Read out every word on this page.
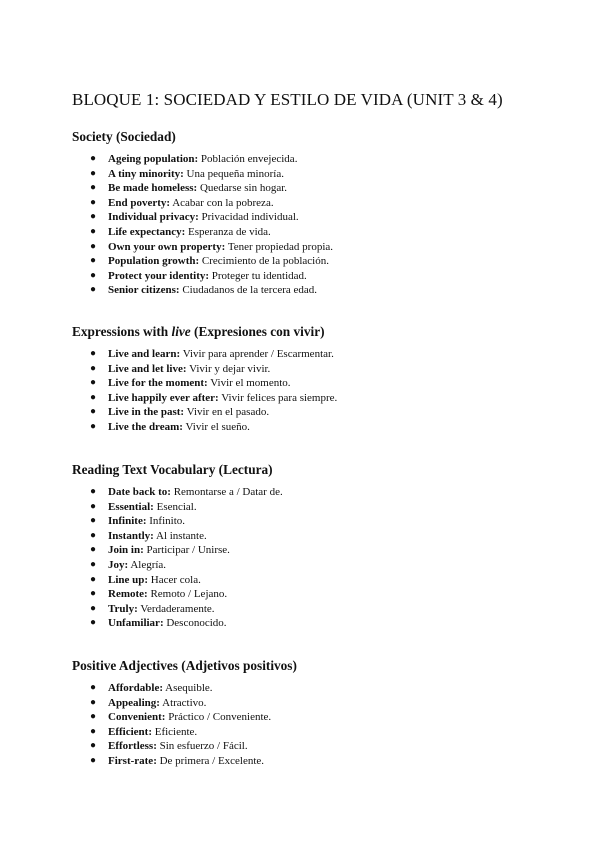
BLOQUE 1: SOCIEDAD Y ESTILO DE VIDA (UNIT 3 & 4)
Society (Sociedad)
● Ageing population: Población envejecida.
● A tiny minority: Una pequeña minoría.
● Be made homeless: Quedarse sin hogar.
● End poverty: Acabar con la pobreza.
● Individual privacy: Privacidad individual.
● Life expectancy: Esperanza de vida.
● Own your own property: Tener propiedad propia.
● Population growth: Crecimiento de la población.
● Protect your identity: Proteger tu identidad.
● Senior citizens: Ciudadanos de la tercera edad.
Expressions with live (Expresiones con vivir)
● Live and learn: Vivir para aprender / Escarmentar.
● Live and let live: Vivir y dejar vivir.
● Live for the moment: Vivir el momento.
● Live happily ever after: Vivir felices para siempre.
● Live in the past: Vivir en el pasado.
● Live the dream: Vivir el sueño.
Reading Text Vocabulary (Lectura)
● Date back to: Remontarse a / Datar de.
● Essential: Esencial.
● Infinite: Infinito.
● Instantly: Al instante.
● Join in: Participar / Unirse.
● Joy: Alegría.
● Line up: Hacer cola.
● Remote: Remoto / Lejano.
● Truly: Verdaderamente.
● Unfamiliar: Desconocido.
Positive Adjectives (Adjetivos positivos)
● Affordable: Asequible.
● Appealing: Atractivo.
● Convenient: Práctico / Conveniente.
● Efficient: Eficiente.
● Effortless: Sin esfuerzo / Fácil.
● First-rate: De primera / Excelente.
